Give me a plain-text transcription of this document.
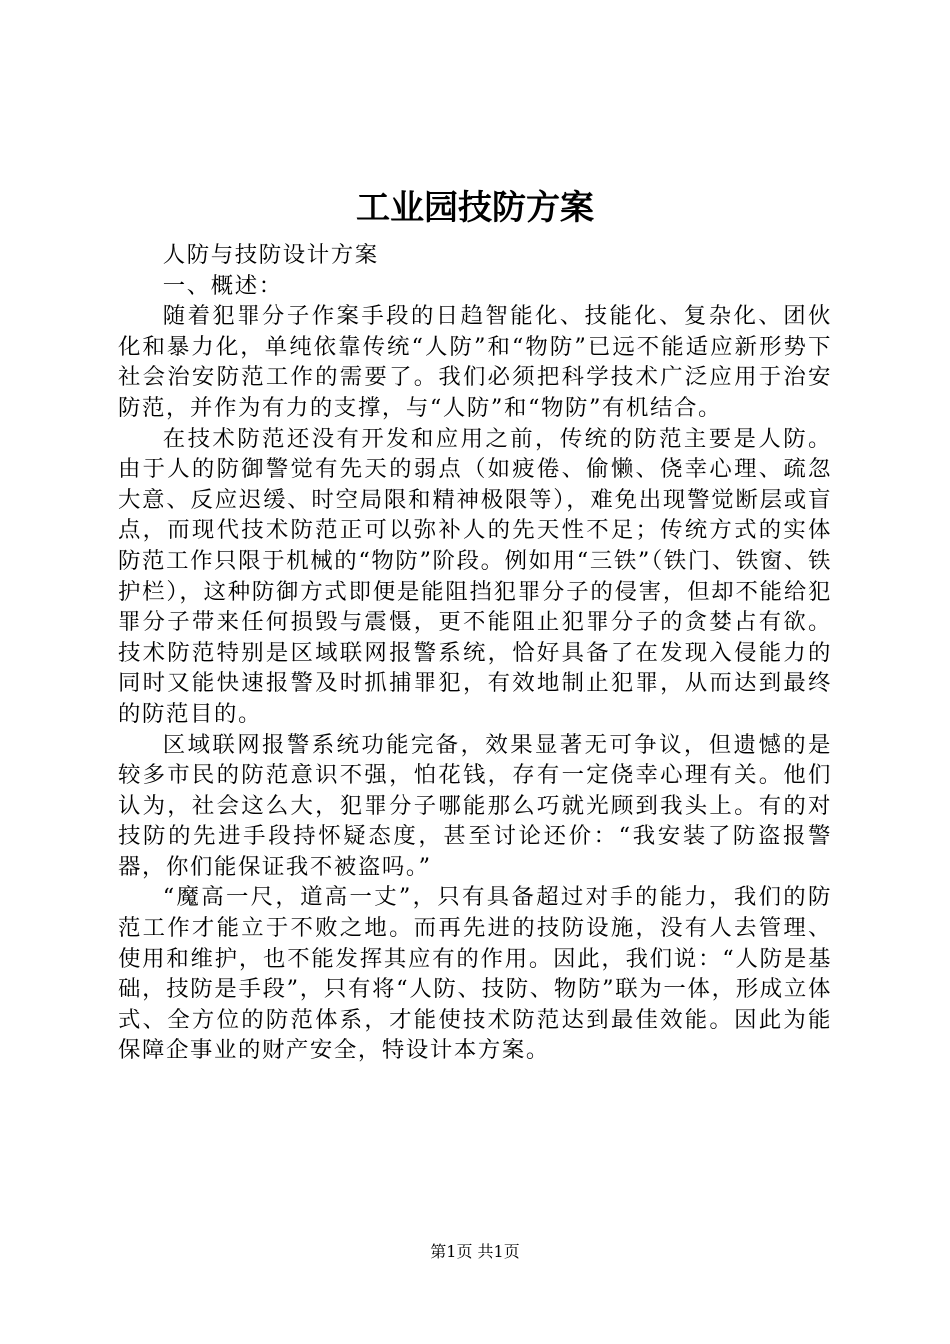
工业园技防方案

人防与技防设计方案

一、概述：

随着犯罪分子作案手段的日趋智能化、技能化、复杂化、团伙化和暴力化，单纯依靠传统“人防”和“物防”已远不能适应新形势下社会治安防范工作的需要了。我们必须把科学技术广泛应用于治安防范，并作为有力的支撑，与“人防”和“物防”有机结合。

在技术防范还没有开发和应用之前，传统的防范主要是人防。由于人的防御警觉有先天的弱点（如疲倦、偷懒、侥幸心理、疏忽大意、反应迟缓、时空局限和精神极限等），难免出现警觉断层或盲点，而现代技术防范正可以弥补人的先天性不足；传统方式的实体防范工作只限于机械的“物防”阶段。例如用“三铁”（铁门、铁窗、铁护栏），这种防御方式即便是能阻挡犯罪分子的侵害，但却不能给犯罪分子带来任何损毁与震慑，更不能阻止犯罪分子的贪婪占有欲。技术防范特别是区域联网报警系统，恰好具备了在发现入侵能力的同时又能快速报警及时抓捕罪犯，有效地制止犯罪，从而达到最终的防范目的。

区域联网报警系统功能完备，效果显著无可争议，但遗憾的是较多市民的防范意识不强，怕花钱，存有一定侥幸心理有关。他们认为，社会这么大，犯罪分子哪能那么巧就光顾到我头上。有的对技防的先进手段持怀疑态度，甚至讨论还价：“我安装了防盗报警器，你们能保证我不被盗吗。”

“魔高一尺，道高一丈”，只有具备超过对手的能力，我们的防范工作才能立于不败之地。而再先进的技防设施，没有人去管理、使用和维护，也不能发挥其应有的作用。因此，我们说：“人防是基础，技防是手段”，只有将“人防、技防、物防”联为一体，形成立体式、全方位的防范体系，才能使技术防范达到最佳效能。因此为能保障企事业的财产安全，特设计本方案。

第1页 共1页
